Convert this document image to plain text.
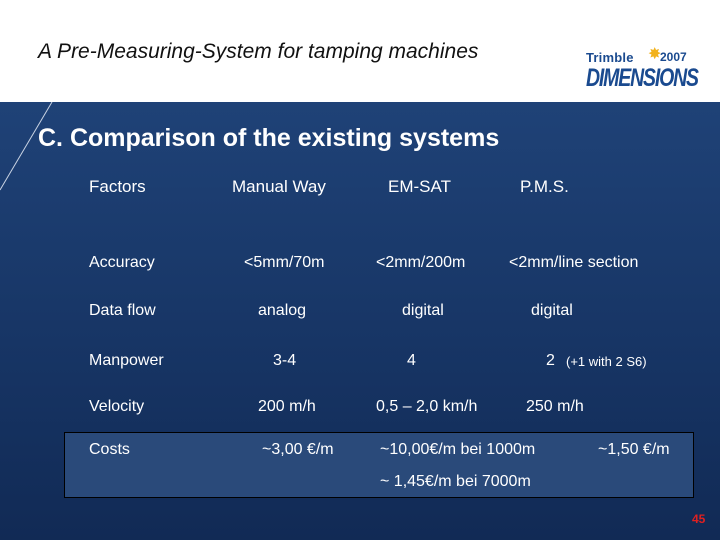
A Pre-Measuring-System for tamping machines	Trimble ✸
2007
DIMENSIONS
C. Comparison of the existing systems
Factors	Manual Way	EM-SAT	P.M.S.
Accuracy	<5mm/70m	<2mm/200m	<2mm/line section
Data flow	analog	digital	digital
Manpower	3-4	4	2 (+1 with 2 S6)
Velocity	200 m/h	0,5 – 2,0 km/h	250 m/h
Costs	~3,00 €/m	~10,00€/m bei 1000m	~1,50 €/m
~ 1,45€/m bei 7000m
45
